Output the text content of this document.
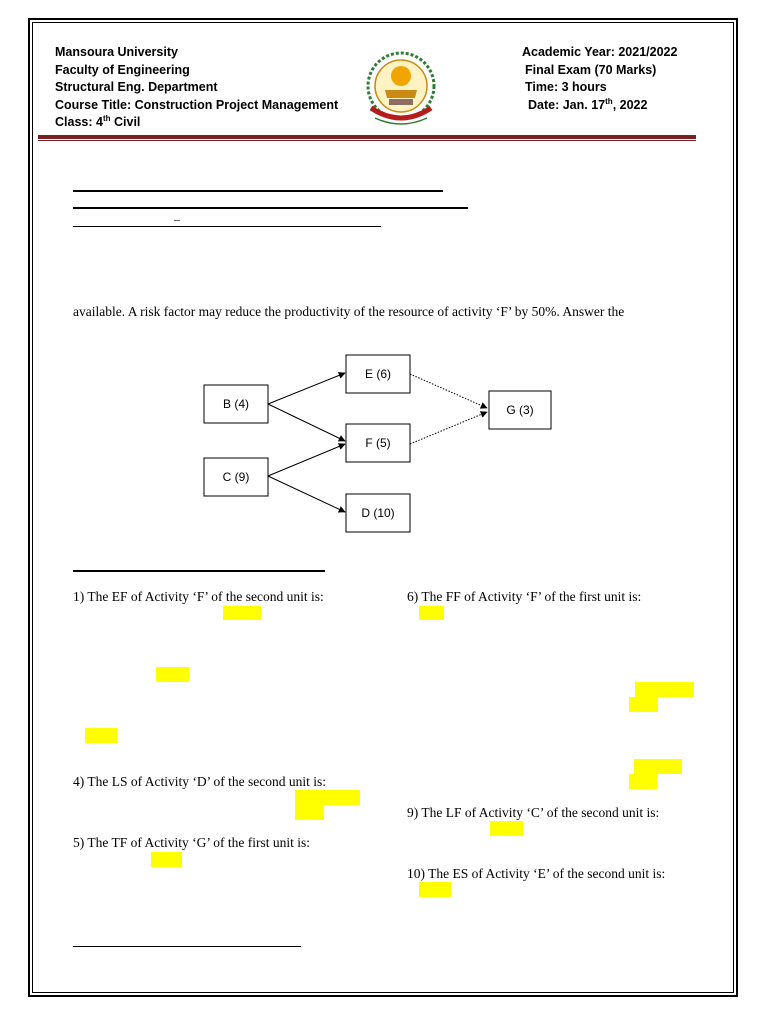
Mansoura University
Faculty of Engineering
Structural Eng. Department
Course Title: Construction Project Management
Class: 4th Civil
Academic Year: 2021/2022
Final Exam (70 Marks)
Time: 3 hours
Date: Jan. 17th, 2022
_
available. A risk factor may reduce the productivity of the resource of activity ‘F’ by 50%. Answer the
B (4)
C (9)
E (6)
F (5)
D (10)
G (3)
1) The EF of Activity ‘F’ of the second unit is:	6) The FF of Activity ‘F’ of the first unit is:
4) The LS of Activity ‘D’ of the second unit is:
5) The TF of Activity ‘G’ of the first unit is:
9) The LF of Activity ‘C’ of the second unit is:
10) The ES of Activity ‘E’ of the second unit is:
